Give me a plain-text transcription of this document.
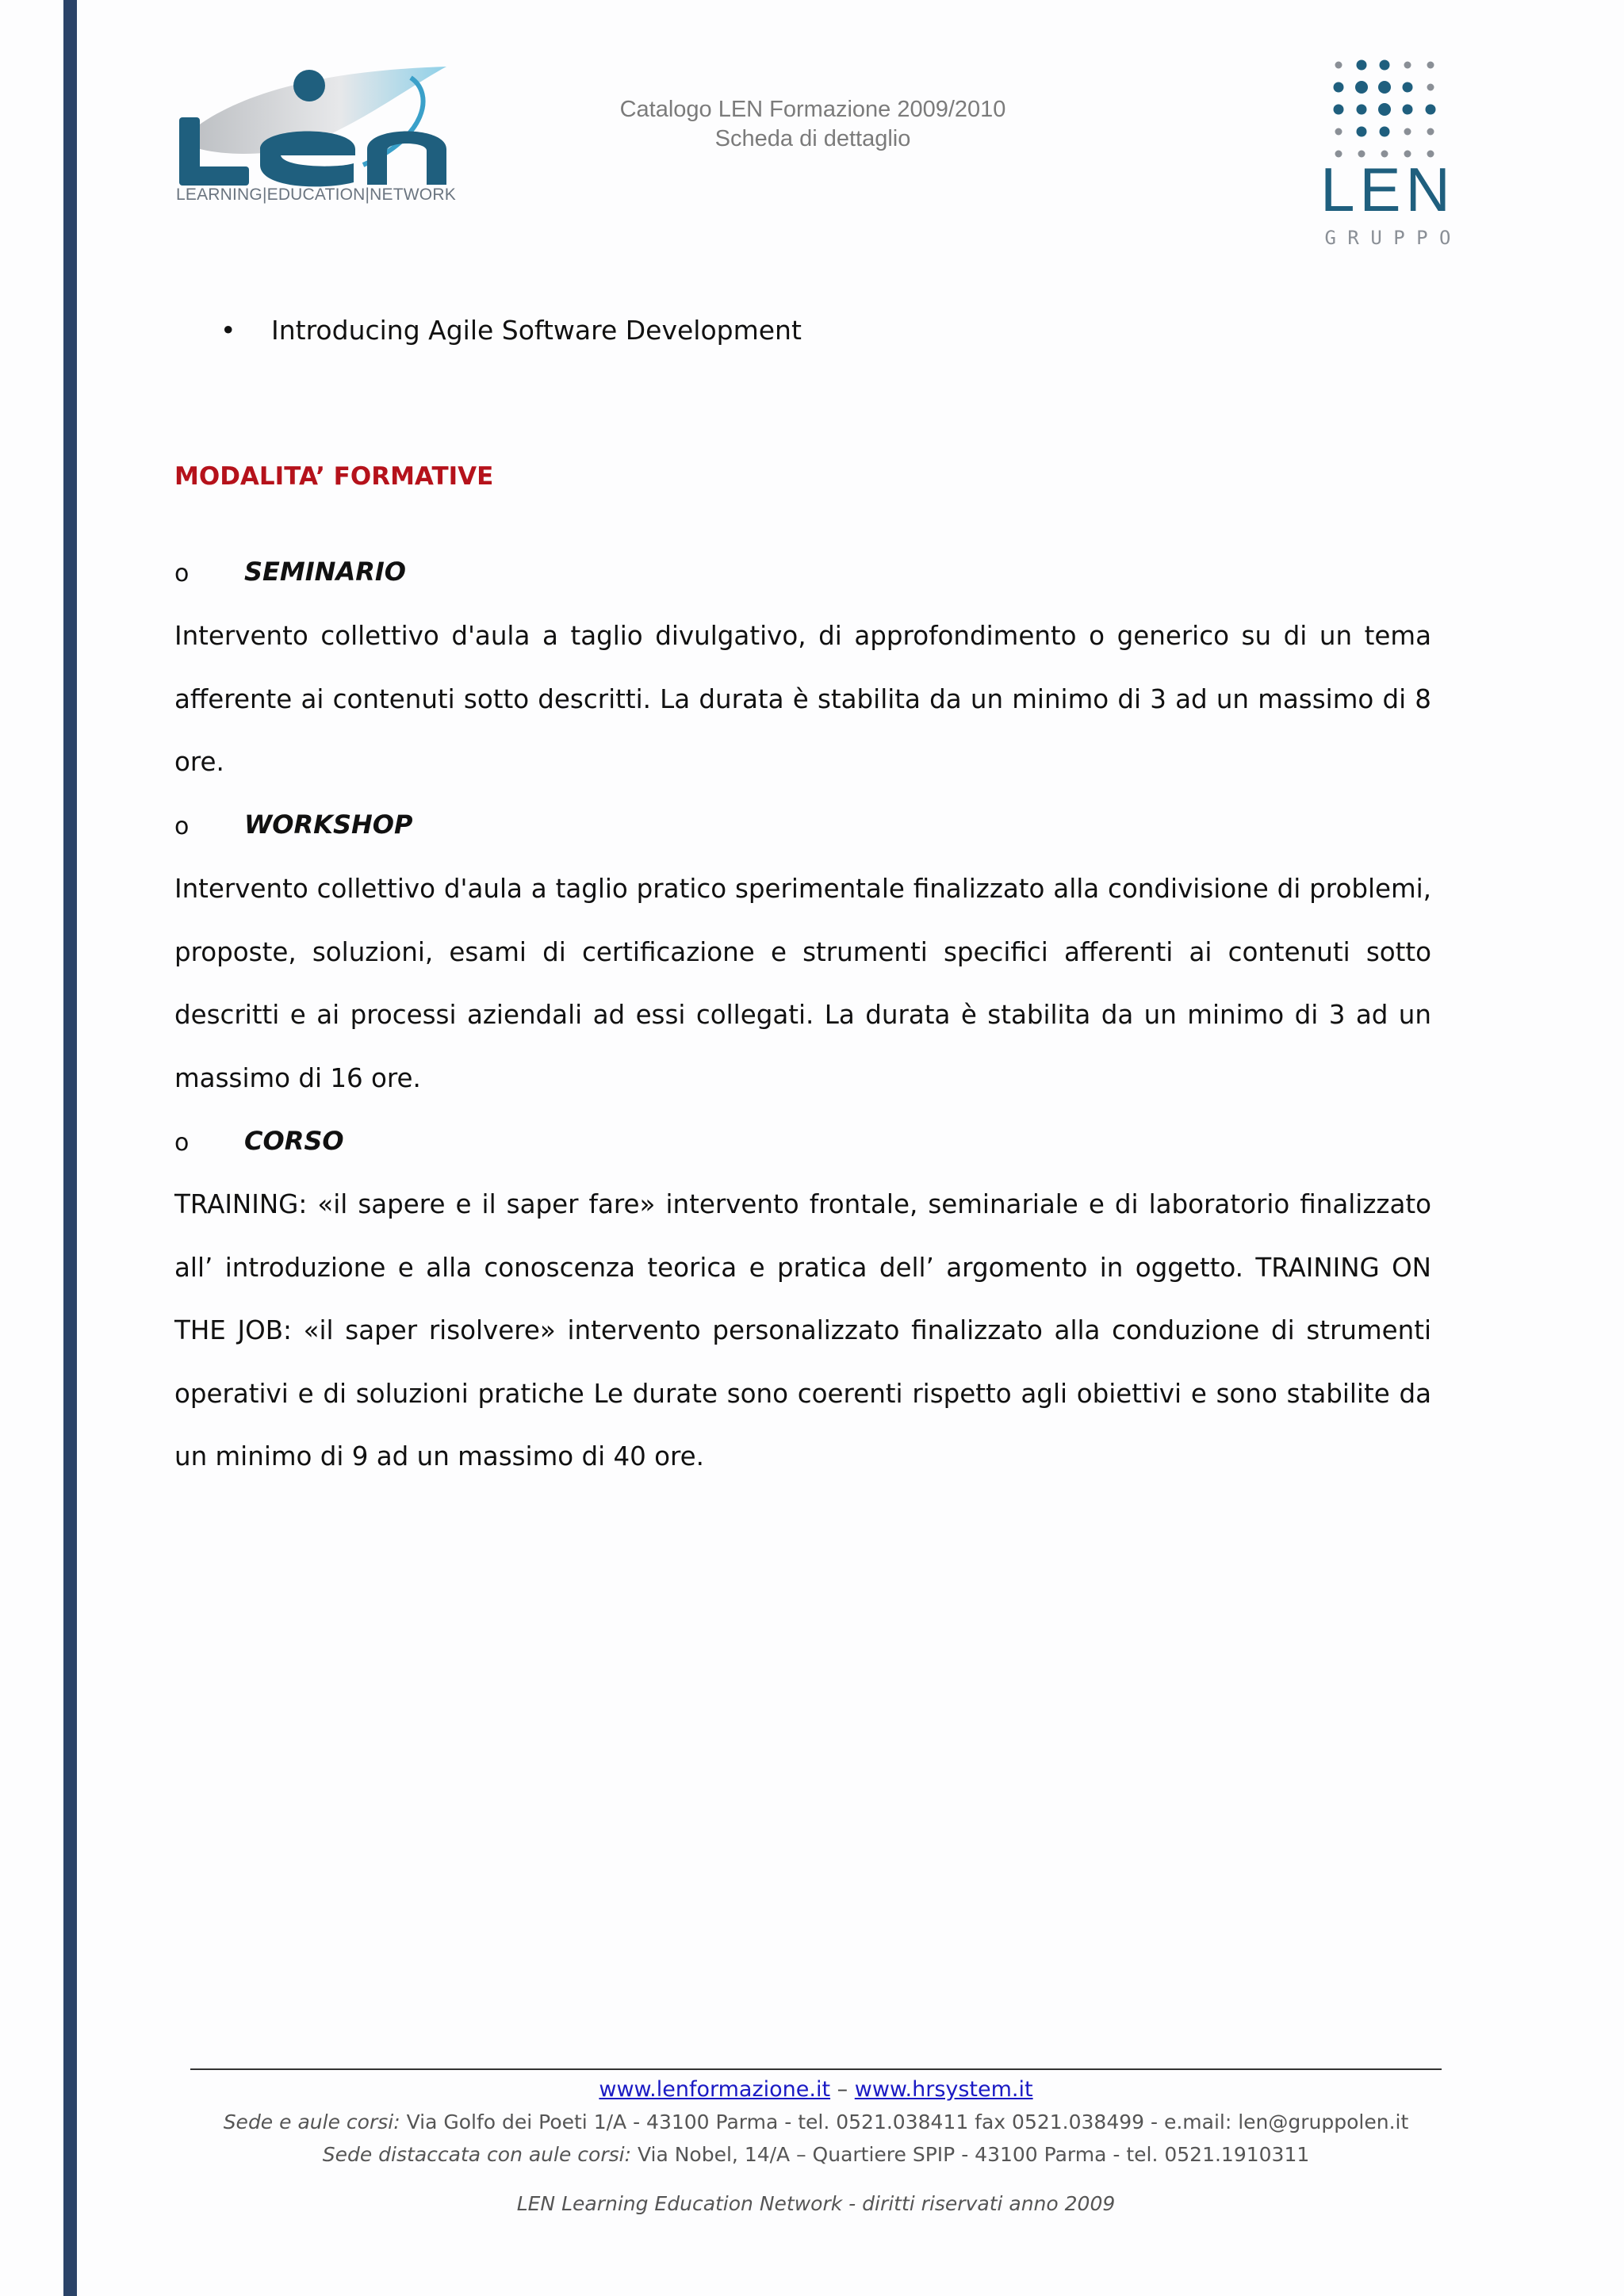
LEARNING|EDUCATION|NETWORK
Catalogo LEN Formazione 2009/2010
Scheda di dettaglio
LEN
G R U P P O
• Introducing Agile Software Development
MODALITA’ FORMATIVE
o SEMINARIO
Intervento collettivo d'aula a taglio divulgativo, di approfondimento o generico su di un tema afferente ai contenuti sotto descritti. La durata è stabilita da un minimo di 3 ad un massimo di 8 ore.
o WORKSHOP
Intervento collettivo d'aula a taglio pratico sperimentale finalizzato alla condivisione di problemi, proposte, soluzioni, esami di certificazione e strumenti specifici afferenti ai contenuti sotto descritti e ai processi aziendali ad essi collegati. La durata è stabilita da un minimo di 3 ad un massimo di 16 ore.
o CORSO
TRAINING: «il sapere e il saper fare» intervento frontale, seminariale e di laboratorio finalizzato all’ introduzione e alla conoscenza teorica e pratica dell’ argomento in oggetto. TRAINING ON THE JOB: «il saper risolvere» intervento personalizzato finalizzato alla conduzione di strumenti operativi e di soluzioni pratiche Le durate sono coerenti rispetto agli obiettivi e sono stabilite da un minimo di 9 ad un massimo di 40 ore.
www.lenformazione.it – www.hrsystem.it
Sede e aule corsi: Via Golfo dei Poeti 1/A - 43100 Parma - tel. 0521.038411 fax 0521.038499 - e.mail: len@gruppolen.it
Sede distaccata con aule corsi: Via Nobel, 14/A – Quartiere SPIP - 43100 Parma - tel. 0521.1910311
LEN Learning Education Network - diritti riservati anno 2009
